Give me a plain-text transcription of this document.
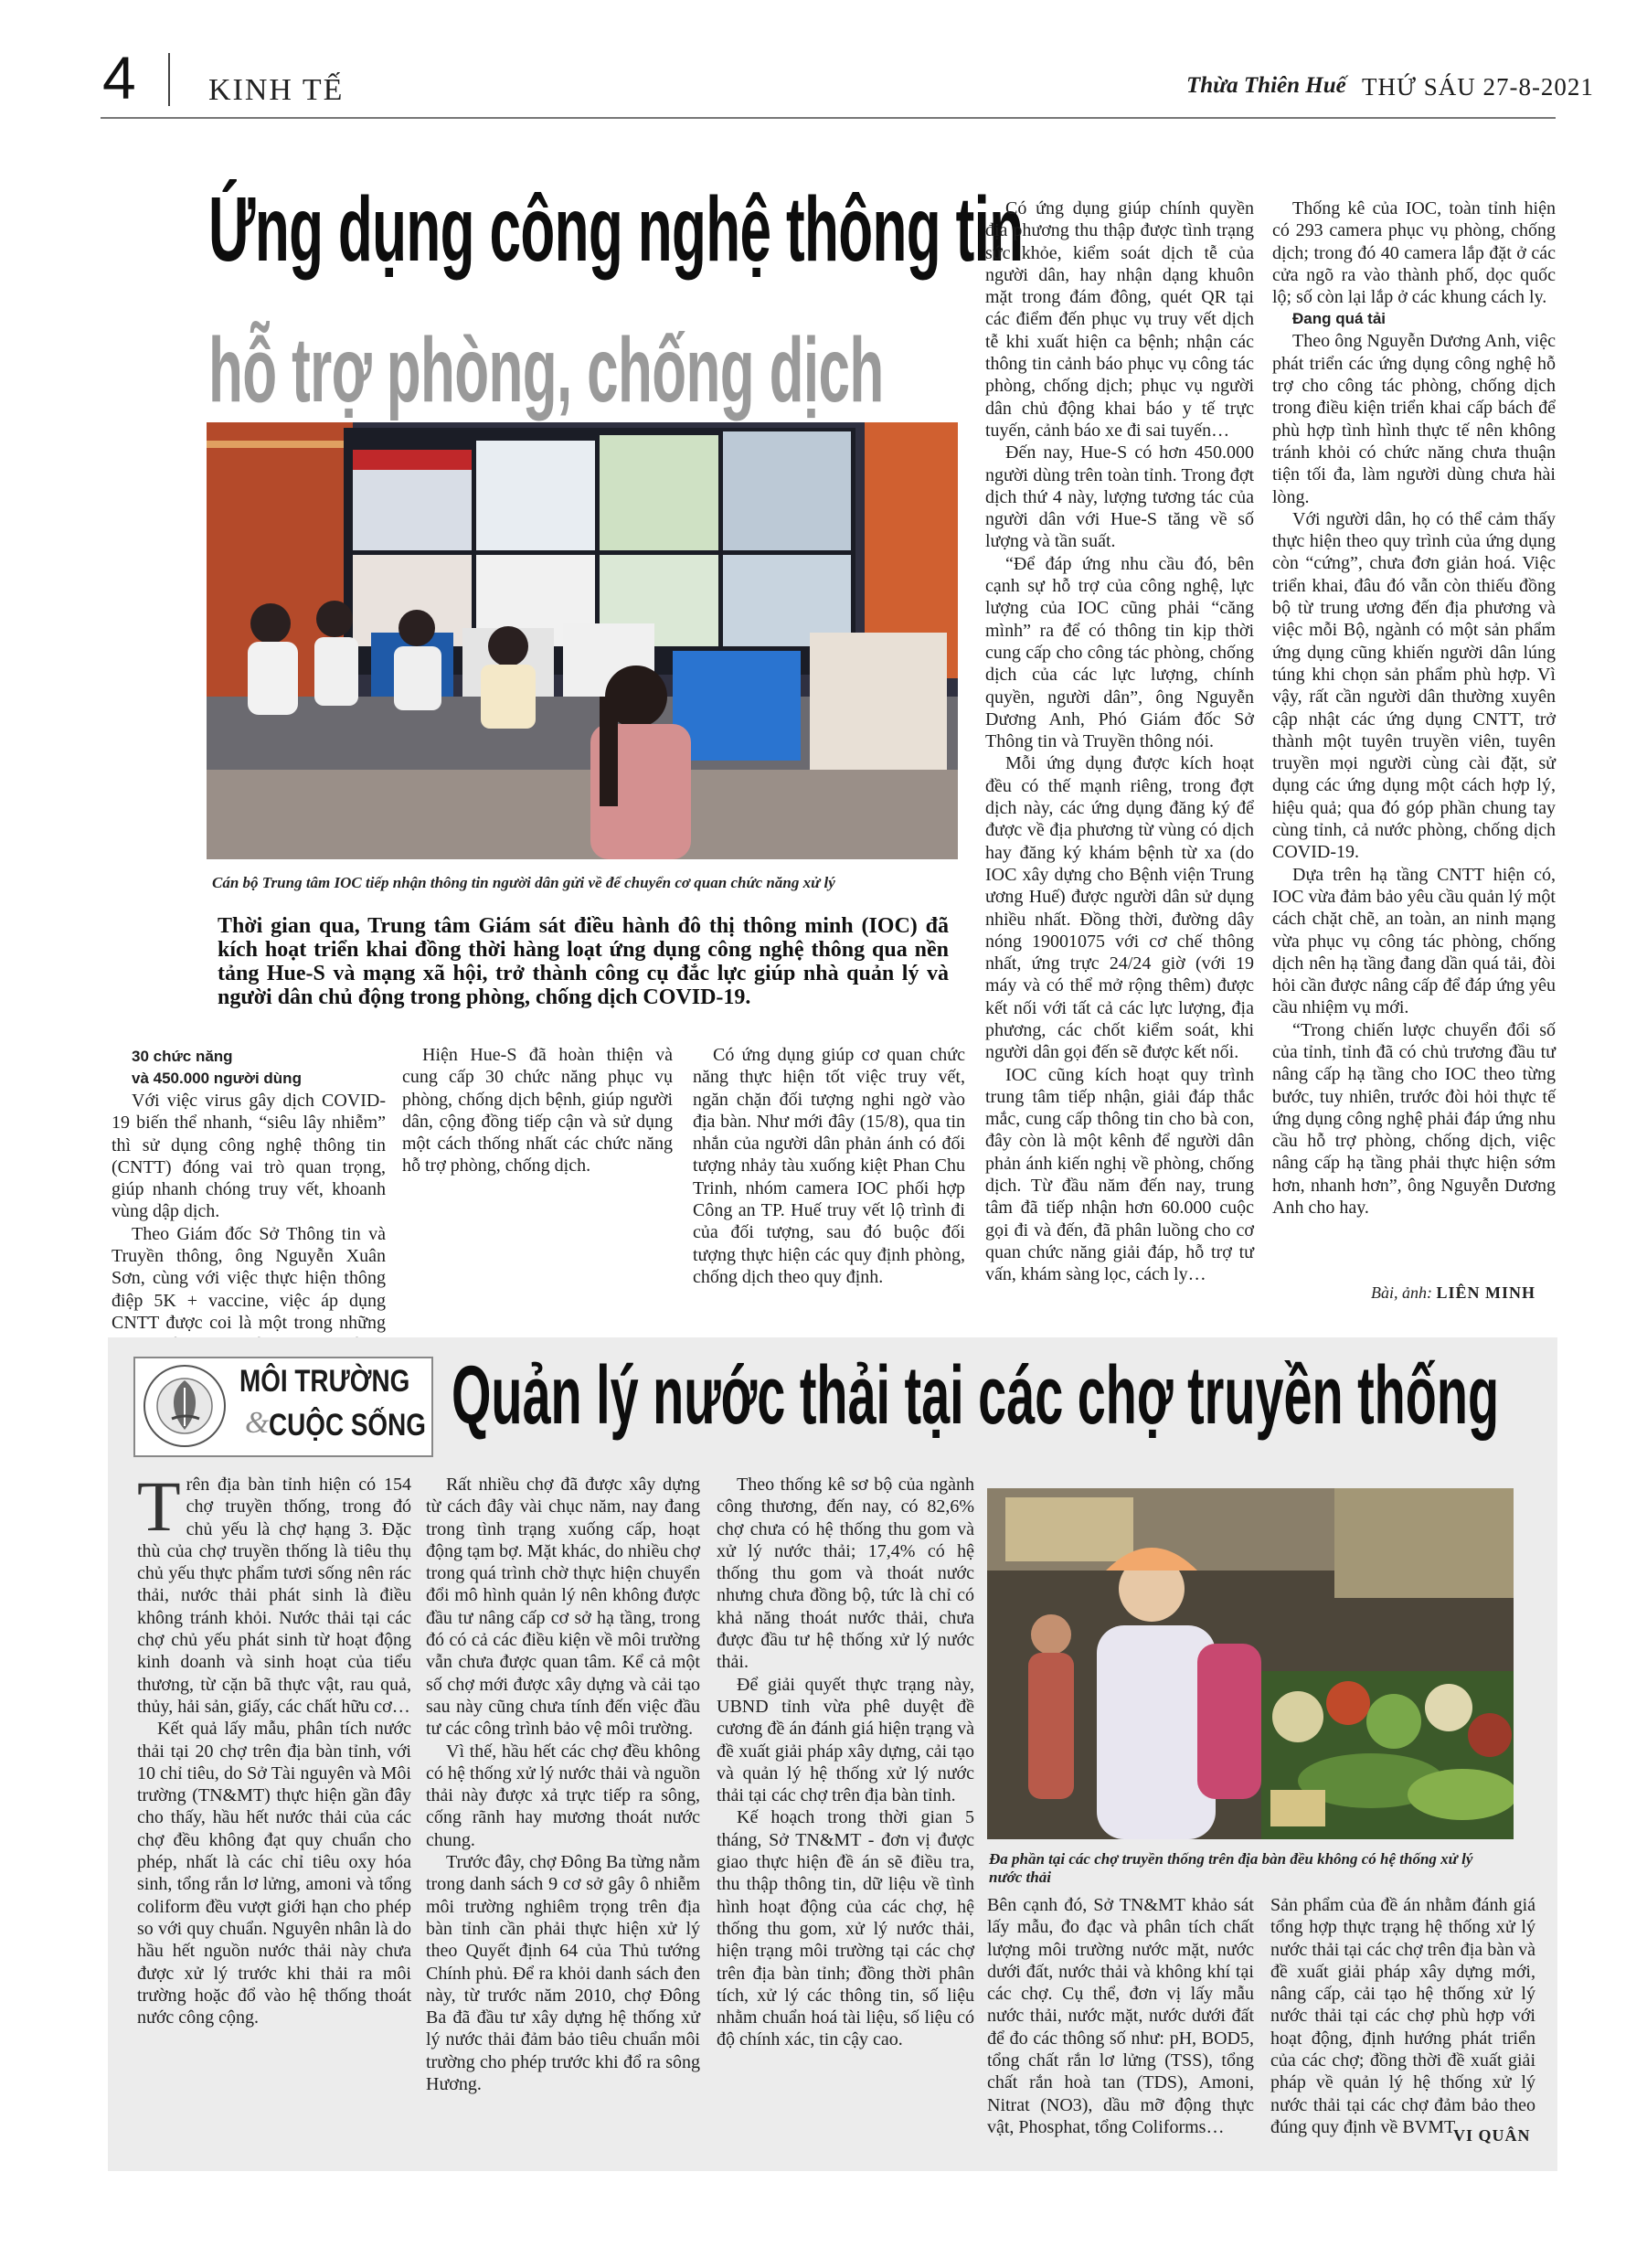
4 KINH TẾ	Thừa Thiên Huế THỨ SÁU 27-8-2021
Ứng dụng công nghệ thông tin
hỗ trợ phòng, chống dịch
Cán bộ Trung tâm IOC tiếp nhận thông tin người dân gửi về để chuyển cơ quan chức năng xử lý
Thời gian qua, Trung tâm Giám sát điều hành đô thị thông minh (IOC) đã kích hoạt triển khai đồng thời hàng loạt ứng dụng công nghệ thông qua nền tảng Hue-S và mạng xã hội, trở thành công cụ đắc lực giúp nhà quản lý và người dân chủ động trong phòng, chống dịch COVID-19.

30 chức năng

và 450.000 người dùng

Với việc virus gây dịch COVID-19 biến thể nhanh, “siêu lây nhiễm” thì sử dụng công nghệ thông tin (CNTT) đóng vai trò quan trọng, giúp nhanh chóng truy vết, khoanh vùng dập dịch.

Theo Giám đốc Sở Thông tin và Truyền thông, ông Nguyễn Xuân Sơn, cùng với việc thực hiện thông điệp 5K + vaccine, việc áp dụng CNTT được coi là một trong những

Hiện Hue-S đã hoàn thiện và cung cấp 30 chức năng phục vụ phòng, chống dịch bệnh, giúp người dân, cộng đồng tiếp cận và sử dụng một cách thống nhất các chức năng hỗ trợ phòng, chống dịch.

Có ứng dụng giúp cơ quan chức năng thực hiện tốt việc truy vết, ngăn chặn đối tượng nghi ngờ vào địa bàn. Như mới đây (15/8), qua tin nhắn của người dân phản ánh có đối tượng nhảy tàu xuống kiệt Phan Chu Trinh, nhóm camera IOC phối hợp Công an TP. Huế truy vết lộ trình đi của đối tượng, sau đó buộc đối tượng thực hiện các quy định phòng, chống dịch theo quy định.

Có ứng dụng giúp chính quyền địa phương thu thập được tình trạng sức khỏe, kiểm soát dịch tễ của người dân, hay nhận dạng khuôn mặt trong đám đông, quét QR tại các điểm đến phục vụ truy vết dịch tễ khi xuất hiện ca bệnh; nhận các thông tin cảnh báo phục vụ công tác phòng, chống dịch; phục vụ người dân chủ động khai báo y tế trực tuyến, cảnh báo xe đi sai tuyến…

Đến nay, Hue-S có hơn 450.000 người dùng trên toàn tỉnh. Trong đợt dịch thứ 4 này, lượng tương tác của người dân với Hue-S tăng về số lượng và tần suất.

“Để đáp ứng nhu cầu đó, bên cạnh sự hỗ trợ của công nghệ, lực lượng của IOC cũng phải “căng mình” ra để có thông tin kịp thời cung cấp cho công tác phòng, chống dịch của các lực lượng, chính quyền, người dân”, ông Nguyễn Dương Anh, Phó Giám đốc Sở Thông tin và Truyền thông nói.

Mỗi ứng dụng được kích hoạt đều có thế mạnh riêng, trong đợt dịch này, các ứng dụng đăng ký để được về địa phương từ vùng có dịch hay đăng ký khám bệnh từ xa (do IOC xây dựng cho Bệnh viện Trung ương Huế) được người dân sử dụng nhiều nhất. Đồng thời, đường dây nóng 19001075 với cơ chế thông nhất, ứng trực 24/24 giờ (với 19 máy và có thể mở rộng thêm) được kết nối với tất cả các lực lượng, địa phương, các chốt kiểm soát, khi người dân gọi đến sẽ được kết nối.

IOC cũng kích hoạt quy trình trung tâm tiếp nhận, giải đáp thắc mắc, cung cấp thông tin cho bà con, đây còn là một kênh để người dân phản ánh kiến nghị về phòng, chống dịch. Từ đầu năm đến nay, trung tâm đã tiếp nhận hơn 60.000 cuộc gọi đi và đến, đã phân luồng cho cơ quan chức năng giải đáp, hỗ trợ tư vấn, khám sàng lọc, cách ly…

Thống kê của IOC, toàn tỉnh hiện có 293 camera phục vụ phòng, chống dịch; trong đó 40 camera lắp đặt ở các cửa ngõ ra vào thành phố, dọc quốc lộ; số còn lại lắp ở các khung cách ly.

Đang quá tải

Theo ông Nguyễn Dương Anh, việc phát triển các ứng dụng công nghệ hỗ trợ cho công tác phòng, chống dịch trong điều kiện triển khai cấp bách để phù hợp tình hình thực tế nên không tránh khỏi có chức năng chưa thuận tiện tối đa, làm người dùng chưa hài lòng.

Với người dân, họ có thể cảm thấy thực hiện theo quy trình của ứng dụng còn “cứng”, chưa đơn giản hoá. Việc triển khai, đâu đó vẫn còn thiếu đồng bộ từ trung ương đến địa phương và việc mỗi Bộ, ngành có một sản phẩm ứng dụng cũng khiến người dân lúng túng khi chọn sản phẩm phù hợp. Vì vậy, rất cần người dân thường xuyên cập nhật các ứng dụng CNTT, trở thành một tuyên truyền viên, tuyên truyền mọi người cùng cài đặt, sử dụng các ứng dụng một cách hợp lý, hiệu quả; qua đó góp phần chung tay cùng tỉnh, cả nước phòng, chống dịch COVID-19.

Dựa trên hạ tầng CNTT hiện có, IOC vừa đảm bảo yêu cầu quản lý một cách chặt chẽ, an toàn, an ninh mạng vừa phục vụ công tác phòng, chống dịch nên hạ tầng đang dần quá tải, đòi hỏi cần được nâng cấp để đáp ứng yêu cầu nhiệm vụ mới.

“Trong chiến lược chuyển đổi số của tỉnh, tỉnh đã có chủ trương đầu tư nâng cấp hạ tầng cho IOC theo từng bước, tuy nhiên, trước đòi hỏi thực tế ứng dụng công nghệ phải đáp ứng nhu cầu hỗ trợ phòng, chống dịch, việc nâng cấp hạ tầng phải thực hiện sớm hơn, nhanh hơn”, ông Nguyễn Dương Anh cho hay.

Bài, ảnh: LIÊN MINH
MÔI TRƯỜNG
& CUỘC SỐNG Quản lý nước thải tại các chợ truyền thống

Trên địa bàn tỉnh hiện có 154 chợ truyền thống, trong đó chủ yếu là chợ hạng 3. Đặc thù của chợ truyền thống là tiêu thụ chủ yếu thực phẩm tươi sống nên rác thải, nước thải phát sinh là điều không tránh khỏi. Nước thải tại các chợ chủ yếu phát sinh từ hoạt động kinh doanh và sinh hoạt của tiểu thương, từ cặn bã thực vật, rau quả, thủy, hải sản, giấy, các chất hữu cơ…

Kết quả lấy mẫu, phân tích nước thải tại 20 chợ trên địa bàn tỉnh, với 10 chỉ tiêu, do Sở Tài nguyên và Môi trường (TN&MT) thực hiện gần đây cho thấy, hầu hết nước thải của các chợ đều không đạt quy chuẩn cho phép, nhất là các chỉ tiêu oxy hóa sinh, tổng rắn lơ lửng, amoni và tổng coliform đều vượt giới hạn cho phép so với quy chuẩn. Nguyên nhân là do hầu hết nguồn nước thải này chưa được xử lý trước khi thải ra môi trường hoặc đổ vào hệ thống thoát nước công cộng.

Rất nhiều chợ đã được xây dựng từ cách đây vài chục năm, nay đang trong tình trạng xuống cấp, hoạt động tạm bợ. Mặt khác, do nhiều chợ trong quá trình chờ thực hiện chuyển đổi mô hình quản lý nên không được đầu tư nâng cấp cơ sở hạ tầng, trong đó có cả các điều kiện về môi trường vẫn chưa được quan tâm. Kể cả một số chợ mới được xây dựng và cải tạo sau này cũng chưa tính đến việc đầu tư các công trình bảo vệ môi trường.

Vì thế, hầu hết các chợ đều không có hệ thống xử lý nước thải và nguồn thải này được xả trực tiếp ra sông, cống rãnh hay mương thoát nước chung.

Trước đây, chợ Đông Ba từng nằm trong danh sách 9 cơ sở gây ô nhiễm môi trường nghiêm trọng trên địa bàn tỉnh cần phải thực hiện xử lý theo Quyết định 64 của Thủ tướng Chính phủ. Để ra khỏi danh sách đen này, từ trước năm 2010, chợ Đông Ba đã đầu tư xây dựng hệ thống xử lý nước thải đảm bảo tiêu chuẩn môi trường cho phép trước khi đổ ra sông Hương.

Theo thống kê sơ bộ của ngành công thương, đến nay, có 82,6% chợ chưa có hệ thống thu gom và xử lý nước thải; 17,4% có hệ thống thu gom và thoát nước nhưng chưa đồng bộ, tức là chỉ có khả năng thoát nước thải, chưa được đầu tư hệ thống xử lý nước thải.

Để giải quyết thực trạng này, UBND tỉnh vừa phê duyệt đề cương đề án đánh giá hiện trạng và đề xuất giải pháp xây dựng, cải tạo và quản lý hệ thống xử lý nước thải tại các chợ trên địa bàn tỉnh.

Kế hoạch trong thời gian 5 tháng, Sở TN&MT - đơn vị được giao thực hiện đề án sẽ điều tra, thu thập thông tin, dữ liệu về tình hình hoạt động của các chợ, hệ thống thu gom, xử lý nước thải, hiện trạng môi trường tại các chợ trên địa bàn tỉnh; đồng thời phân tích, xử lý các thông tin, số liệu nhằm chuẩn hoá tài liệu, số liệu có độ chính xác, tin cậy cao.

Đa phần tại các chợ truyền thống trên địa bàn đều không có hệ thống xử lý nước thải

Bên cạnh đó, Sở TN&MT khảo sát lấy mẫu, đo đạc và phân tích chất lượng môi trường nước mặt, nước dưới đất, nước thải và không khí tại các chợ. Cụ thể, đơn vị lấy mẫu nước thải, nước mặt, nước dưới đất để đo các thông số như: pH, BOD5, tổng chất rắn lơ lửng (TSS), tổng chất rắn hoà tan (TDS), Amoni, Nitrat (NO3), dầu mỡ động thực vật, Phosphat, tổng Coliforms…

Sản phẩm của đề án nhằm đánh giá tổng hợp thực trạng hệ thống xử lý nước thải tại các chợ trên địa bàn và đề xuất giải pháp xây dựng mới, nâng cấp, cải tạo hệ thống xử lý nước thải tại các chợ phù hợp với hoạt động, định hướng phát triển của các chợ; đồng thời đề xuất giải pháp về quản lý hệ thống xử lý nước thải tại các chợ đảm bảo theo đúng quy định về BVMT.

VI QUÂN
